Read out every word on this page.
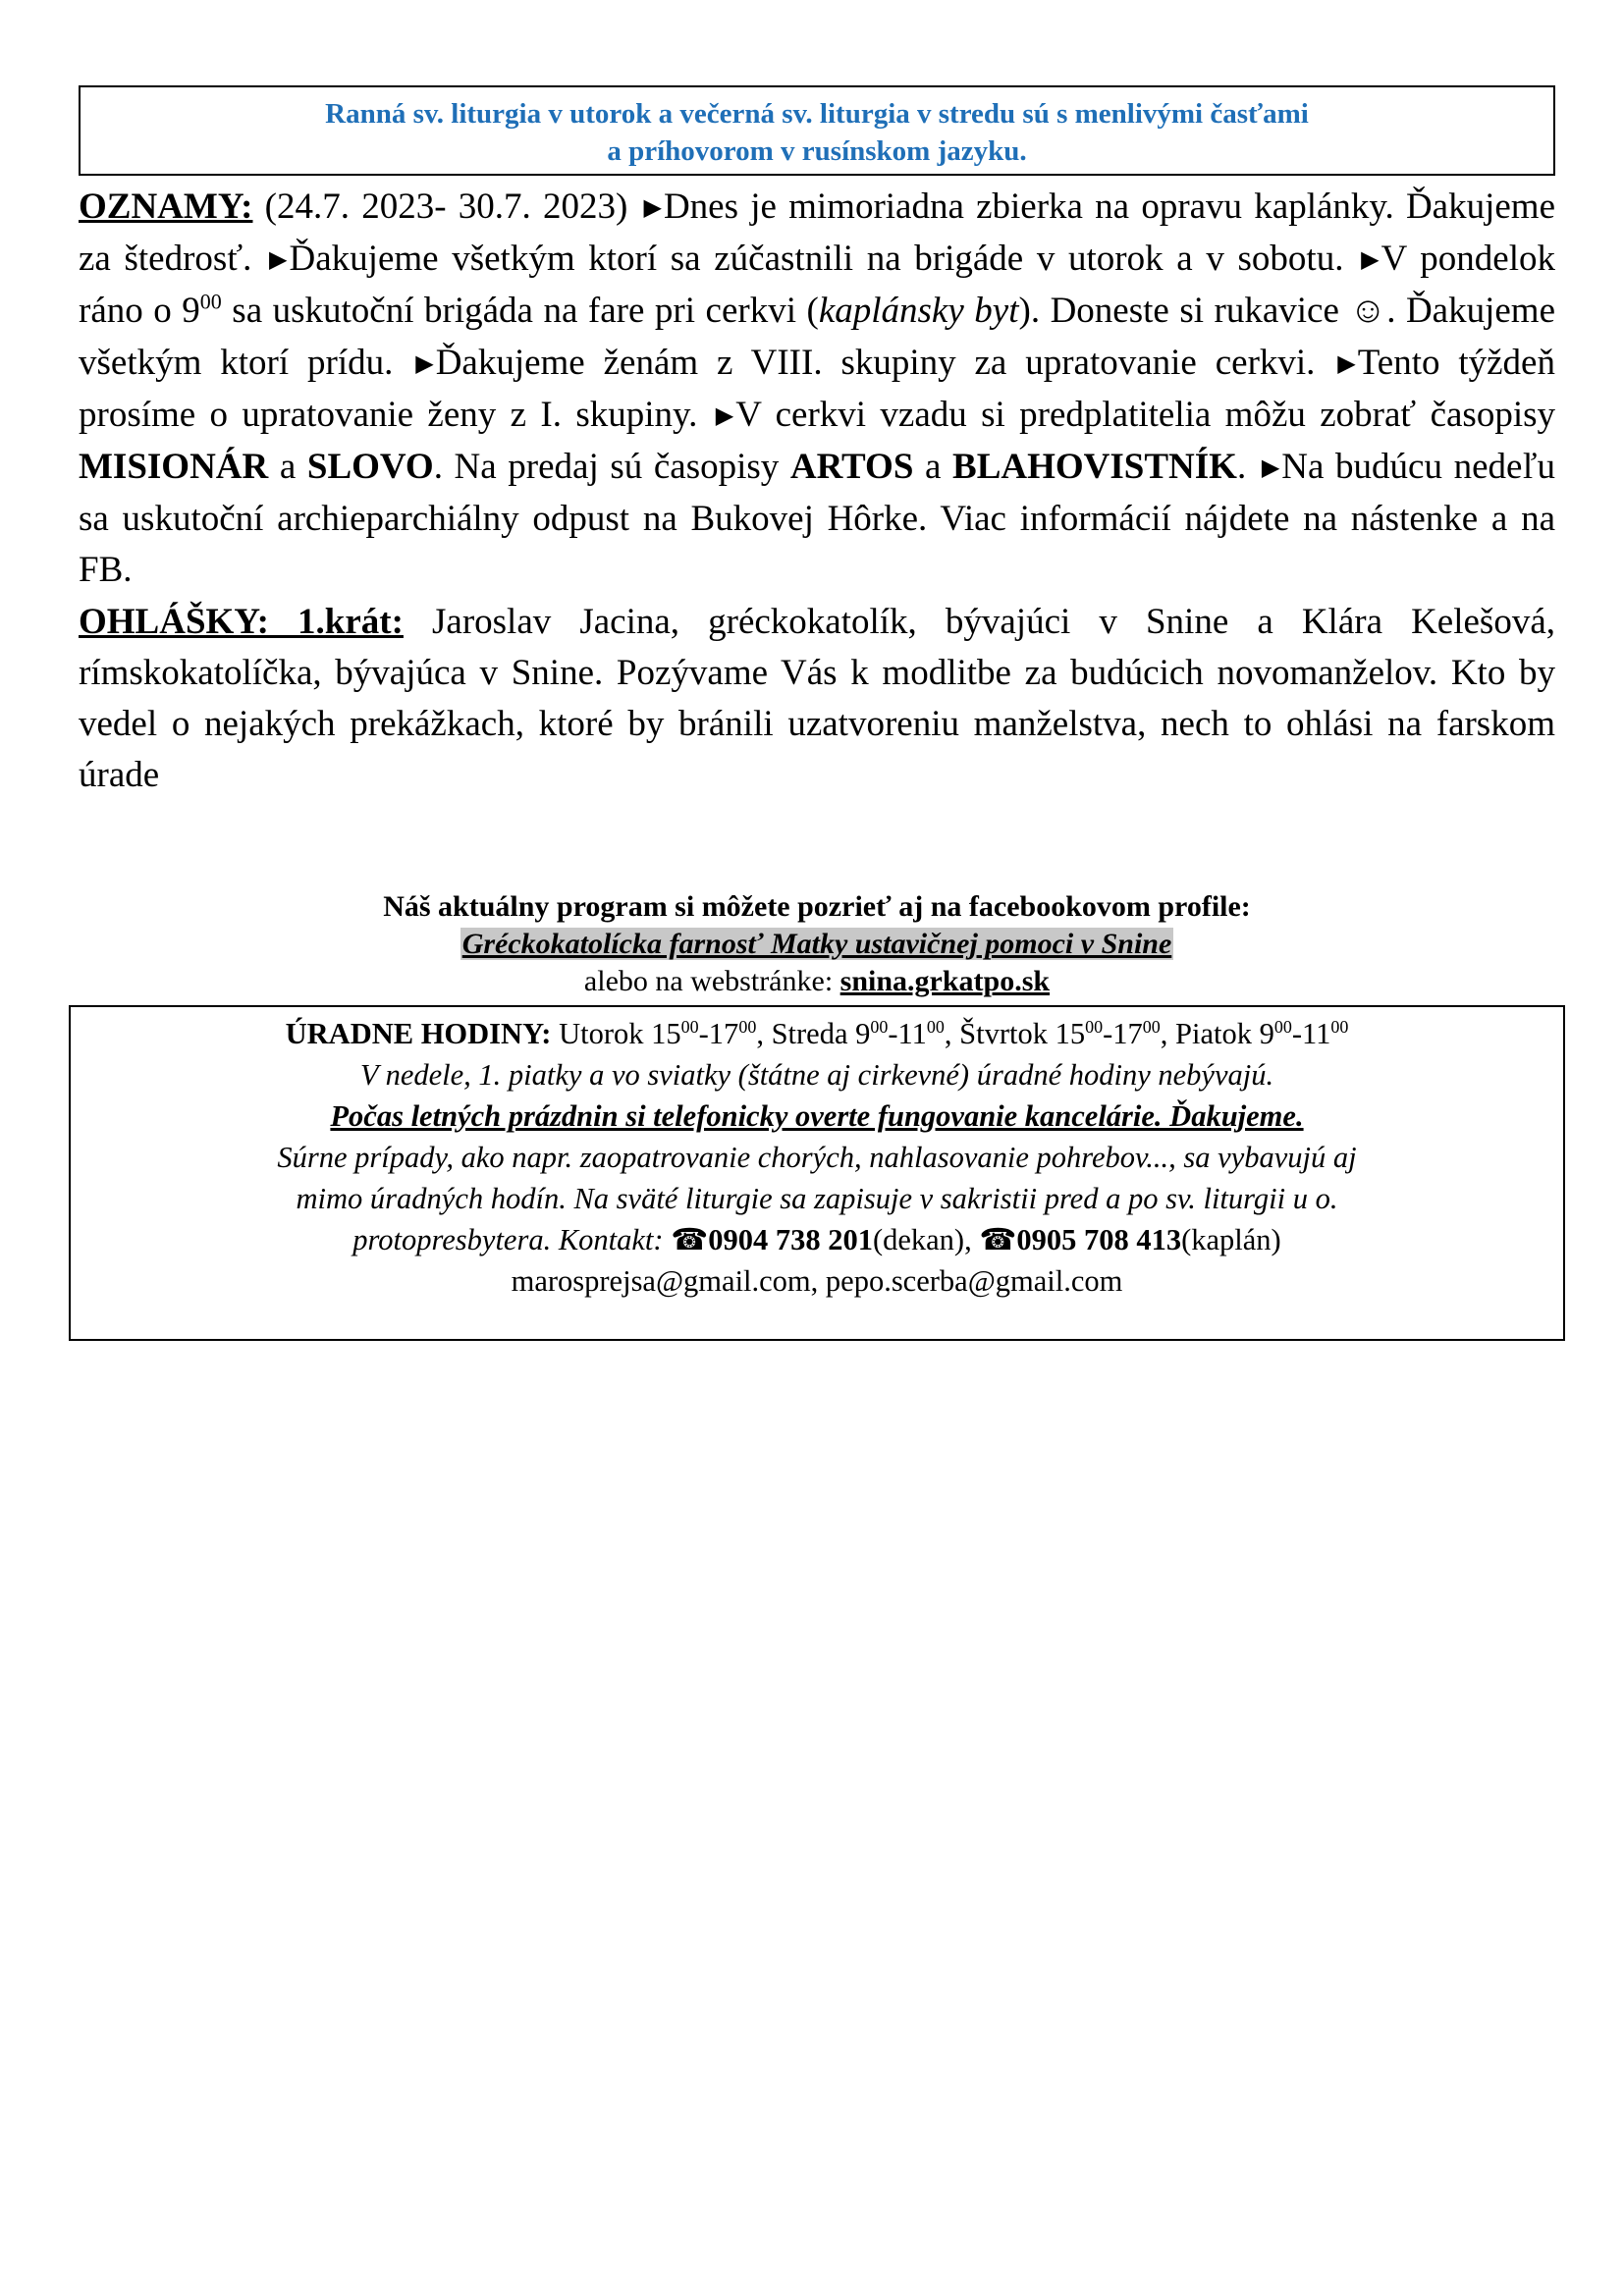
Ranná sv. liturgia v utorok a večerná sv. liturgia v stredu sú s menlivými časťami
a príhovorom v rusínskom jazyku.

OZNAMY: (24.7. 2023- 30.7. 2023) ▶Dnes je mimoriadna zbierka na opravu kaplánky. Ďakujeme za štedrosť. ▶Ďakujeme všetkým ktorí sa zúčastnili na brigáde v utorok a v sobotu. ▶V pondelok ráno o $9^{00}$ sa uskutoční brigáda na fare pri cerkvi (kaplánsky byt). Doneste si rukavice ☺. Ďakujeme všetkým ktorí prídu. ▶Ďakujeme ženám z VIII. skupiny za upratovanie cerkvi. ▶Tento týždeň prosíme o upratovanie ženy z I. skupiny. ▶V cerkvi vzadu si predplatitelia môžu zobrať časopisy MISIONÁR a SLOVO. Na predaj sú časopisy ARTOS a BLAHOVISTNÍK. ▶Na budúcu nedeľu sa uskutoční archieparchiálny odpust na Bukovej Hôrke. Viac informácií nájdete na nástenke a na FB.

OHLÁŠKY: 1.krát: Jaroslav Jacina, gréckokatolík, bývajúci v Snine a Klára Kelešová, rímskokatolíčka, bývajúca v Snine. Pozývame Vás k modlitbe za budúcich novomanželov. Kto by vedel o nejakých prekážkach, ktoré by bránili uzatvoreniu manželstva, nech to ohlási na farskom úrade

Náš aktuálny program si môžete pozrieť aj na facebookovom profile:
Gréckokatolícka farnosť Matky ustavičnej pomoci v Snine
alebo na webstránke: snina.grkatpo.sk
ÚRADNE HODINY: Utorok $15^{00}-17^{00}$, Streda $9^{00}-11^{00}$, Štvrtok $15^{00}-17^{00}$, Piatok $9^{00}-11^{00}$
V nedele, 1. piatky a vo sviatky (štátne aj cirkevné) úradné hodiny nebývajú.
Počas letných prázdnin si telefonicky overte fungovanie kancelárie. Ďakujeme.
Súrne prípady, ako napr. zaopatrovanie chorých, nahlasovanie pohrebov..., sa vybavujú aj
mimo úradných hodín. Na sväté liturgie sa zapisuje v sakristii pred a po sv. liturgii u o.
protopresbytera. Kontakt: ☎0904 738 201(dekan), ☎0905 708 413(kaplán)
marosprejsa@gmail.com, pepo.scerba@gmail.com
